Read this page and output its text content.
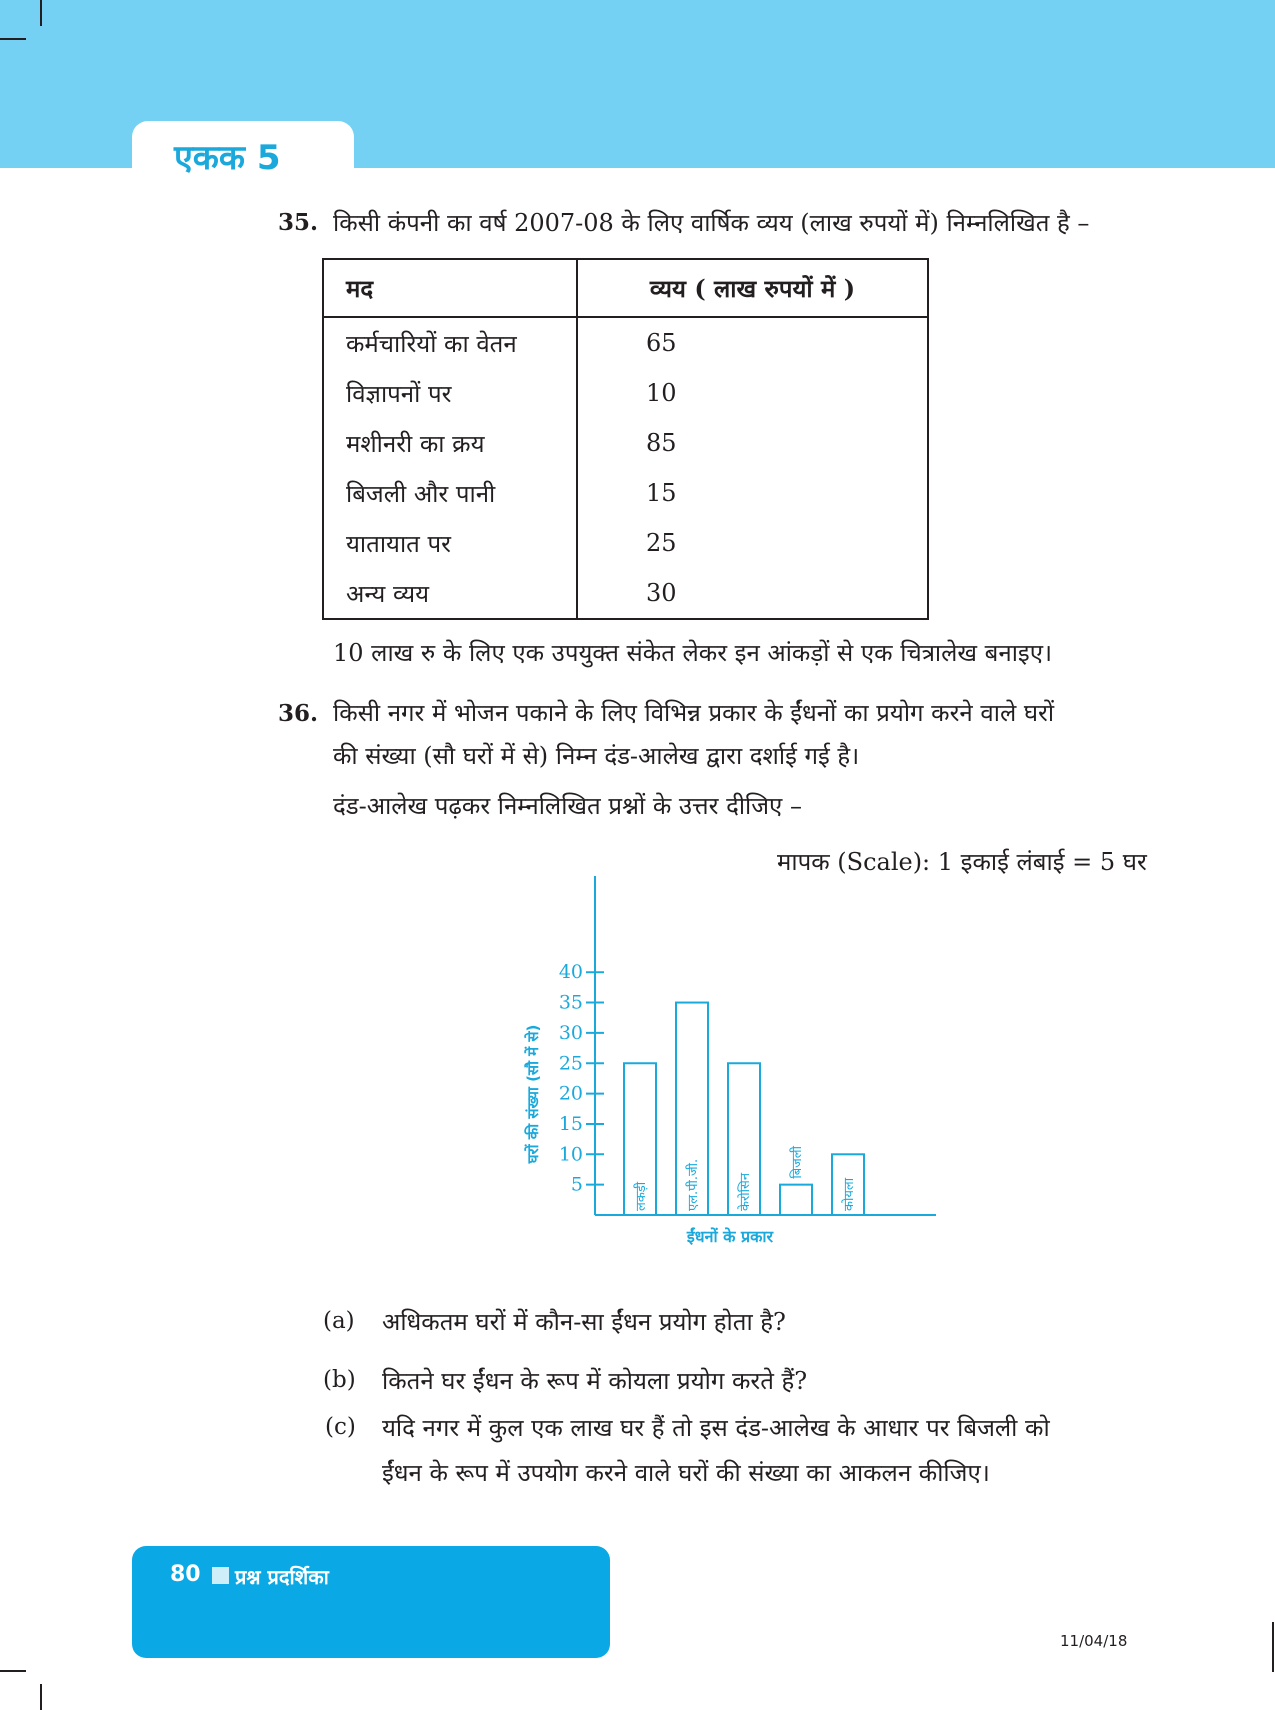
एकक 5
35. किसी कंपनी का वर्ष 2007-08 के लिए वार्षिक व्यय (लाख रुपयों में) निम्नलिखित है –
मद	व्यय ( लाख रुपयों में )
कर्मचारियों का वेतन	65
विज्ञापनों पर	10
मशीनरी का क्रय	85
बिजली और पानी	15
यातायात पर	25
अन्य व्यय	30
10 लाख रु के लिए एक उपयुक्त संकेत लेकर इन आंकड़ों से एक चित्रालेख बनाइए।
36. किसी नगर में भोजन पकाने के लिए विभिन्न प्रकार के ईंधनों का प्रयोग करने वाले घरों
की संख्या (सौ घरों में से) निम्न दंड-आलेख द्वारा दर्शाई गई है।
दंड-आलेख पढ़कर निम्नलिखित प्रश्नों के उत्तर दीजिए –
मापक (Scale): 1 इकाई लंबाई = 5 घर
5
10
15
20
25
30
35
40
लकड़ी	एल.पी.जी.	केरोसिन
बिजली
कोयला
घरों की संख्या (सौ में से)
ईंधनों के प्रकार
(a) अधिकतम घरों में कौन-सा ईंधन प्रयोग होता है?
(b) कितने घर ईंधन के रूप में कोयला प्रयोग करते हैं?
(c) यदि नगर में कुल एक लाख घर हैं तो इस दंड-आलेख के आधार पर बिजली को
ईंधन के रूप में उपयोग करने वाले घरों की संख्या का आकलन कीजिए।
80 प्रश्न प्रदर्शिका
11/04/18
